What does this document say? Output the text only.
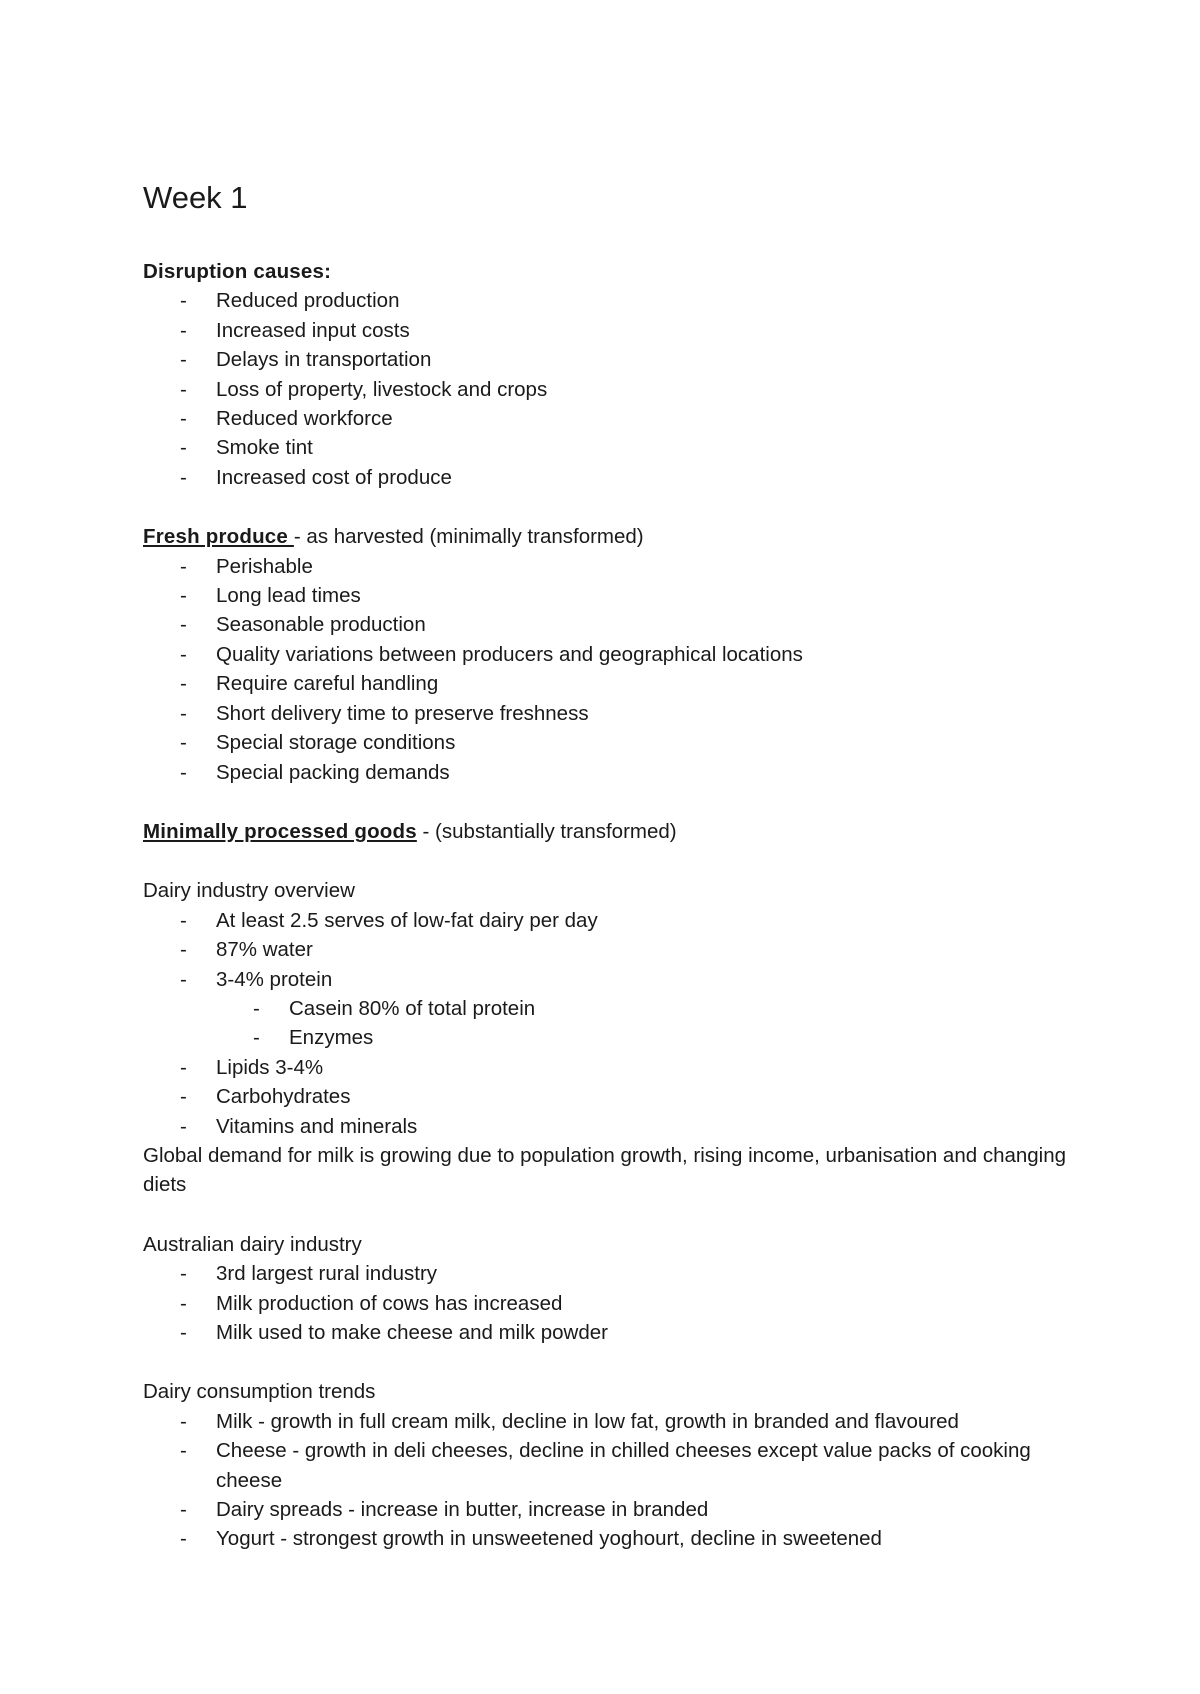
Week 1

Disruption causes:

- Reduced production
- Increased input costs
- Delays in transportation
- Loss of property, livestock and crops
- Reduced workforce
- Smoke tint
- Increased cost of produce

Fresh produce - as harvested (minimally transformed)

- Perishable
- Long lead times
- Seasonable production
- Quality variations between producers and geographical locations
- Require careful handling
- Short delivery time to preserve freshness
- Special storage conditions
- Special packing demands

Minimally processed goods - (substantially transformed)

Dairy industry overview

- At least 2.5 serves of low-fat dairy per day
- 87% water
- 3-4% protein
- Casein 80% of total protein
- Enzymes
- Lipids 3-4%
- Carbohydrates
- Vitamins and minerals

Global demand for milk is growing due to population growth, rising income, urbanisation and changing diets

Australian dairy industry

- 3rd largest rural industry
- Milk production of cows has increased
- Milk used to make cheese and milk powder

Dairy consumption trends

- Milk - growth in full cream milk, decline in low fat, growth in branded and flavoured
- Cheese - growth in deli cheeses, decline in chilled cheeses except value packs of cooking cheese
- Dairy spreads - increase in butter, increase in branded
- Yogurt - strongest growth in unsweetened yoghourt, decline in sweetened
